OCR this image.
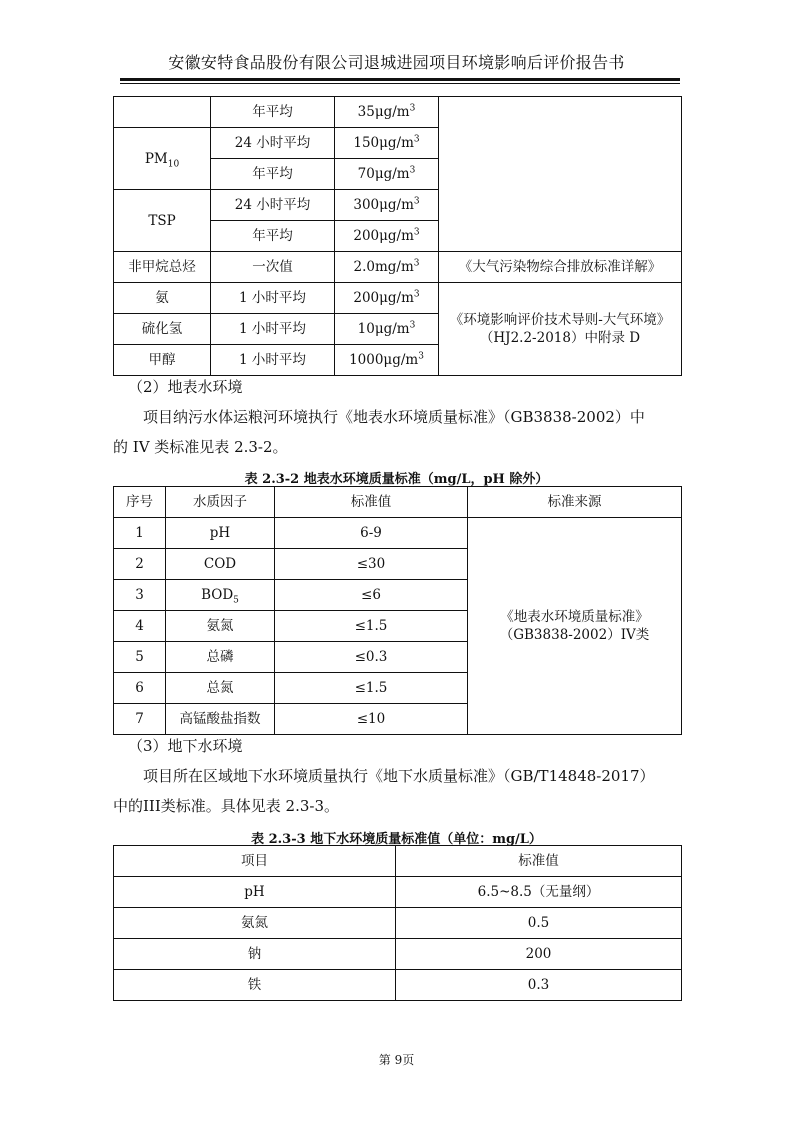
安徽安特食品股份有限公司退城进园项目环境影响后评价报告书
	年平均	$35\mu g/m^3$	
$PM_{10}$	24 小时平均	$150\mu g/m^3$
	年平均	$70\mu g/m^3$
TSP	24 小时平均	$300\mu g/m^3$
	年平均	$200\mu g/m^3$
非甲烷总烃	一次值	$2.0mg/m^3$	《大气污染物综合排放标准详解》
氨	1 小时平均	$200\mu g/m^3$	《环境影响评价技术导则-大气环境》
（HJ2.2-2018）中附录 D

硫化氢	1 小时平均	$10\mu g/m^3$
甲醇	1 小时平均	$1000\mu g/m^3$
（2）地表水环境
项目纳污水体运粮河环境执行《地表水环境质量标准》（GB3838-2002）中
的 IV 类标准见表 2.3-2。
表 2.3-2 地表水环境质量标准（mg/L，pH 除外）
序号	水质因子	标准值	标准来源
1	pH	6-9	《地表水环境质量标准》
（GB3838-2002）IV类

2	COD	≤30	
3	$BOD_5$	≤6	
4	氨氮	≤1.5	
5	总磷	≤0.3	
6	总氮	≤1.5	
7	高锰酸盐指数	≤10	
（3）地下水环境
项目所在区域地下水环境质量执行《地下水质量标准》（GB/T14848-2017）
中的III类标准。具体见表 2.3-3。
表 2.3-3 地下水环境质量标准值（单位：mg/L）
项目	标准值
pH	6.5~8.5（无量纲）
氨氮	0.5
钠	200
铁	0.3
第 9页
